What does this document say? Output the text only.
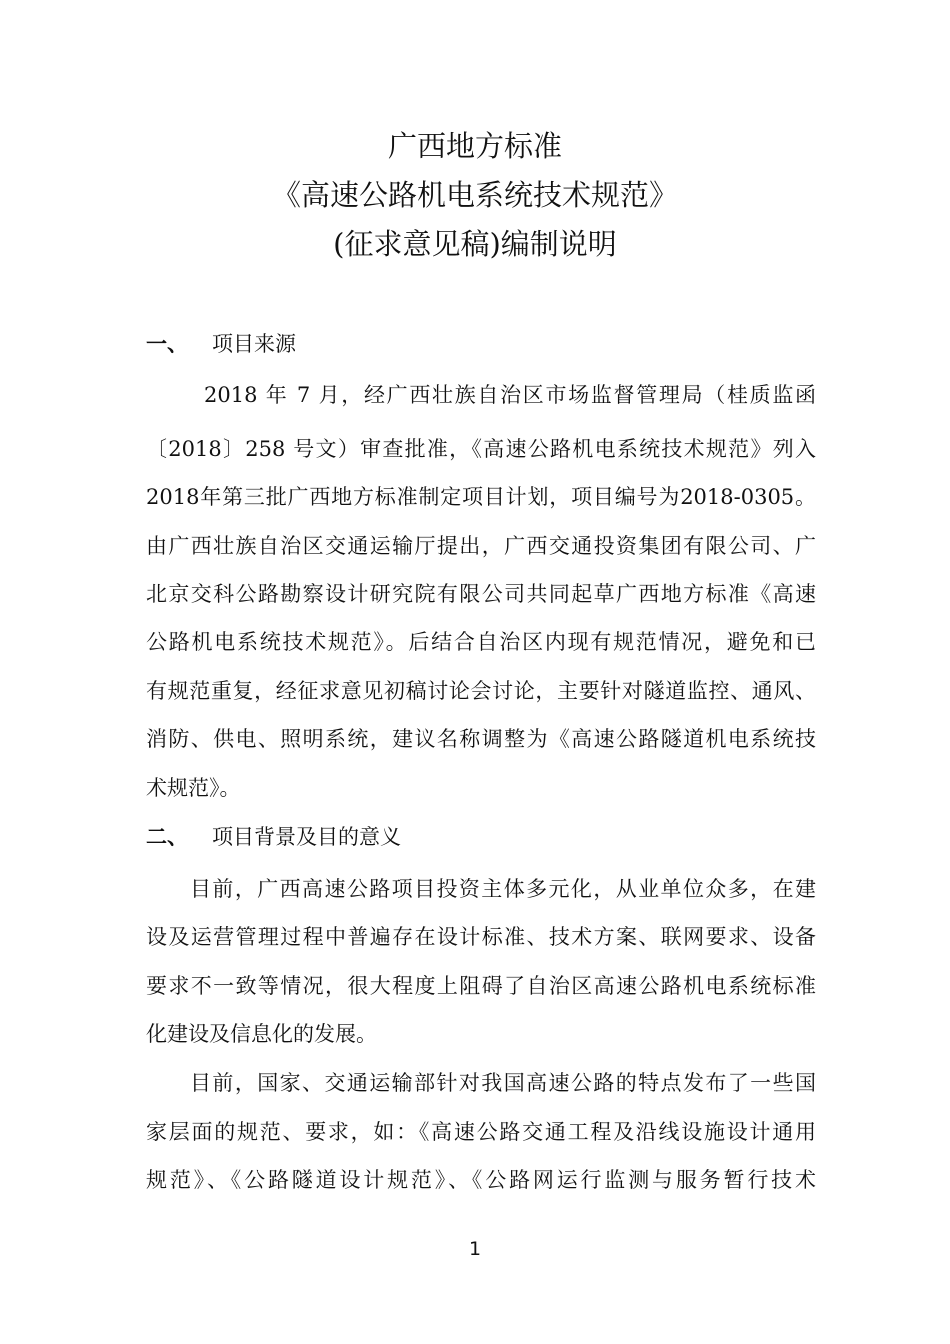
广西地方标准
《高速公路机电系统技术规范》
(征求意见稿)编制说明
一、 项目来源
2018 年 7 月，经广西壮族自治区市场监督管理局（桂质监函
〔2018〕258 号文）审查批准，《高速公路机电系统技术规范》列入
2018年第三批广西地方标准制定项目计划，项目编号为2018-0305。
由广西壮族自治区交通运输厅提出，广西交通投资集团有限公司、广
北京交科公路勘察设计研究院有限公司共同起草广西地方标准《高速
公路机电系统技术规范》。后结合自治区内现有规范情况，避免和已
有规范重复，经征求意见初稿讨论会讨论，主要针对隧道监控、通风、
消防、供电、照明系统，建议名称调整为《高速公路隧道机电系统技
术规范》。
二、 项目背景及目的意义
目前，广西高速公路项目投资主体多元化，从业单位众多，在建
设及运营管理过程中普遍存在设计标准、技术方案、联网要求、设备
要求不一致等情况，很大程度上阻碍了自治区高速公路机电系统标准
化建设及信息化的发展。
目前，国家、交通运输部针对我国高速公路的特点发布了一些国
家层面的规范、要求，如：《高速公路交通工程及沿线设施设计通用
规范》、《公路隧道设计规范》、《公路网运行监测与服务暂行技术
1
